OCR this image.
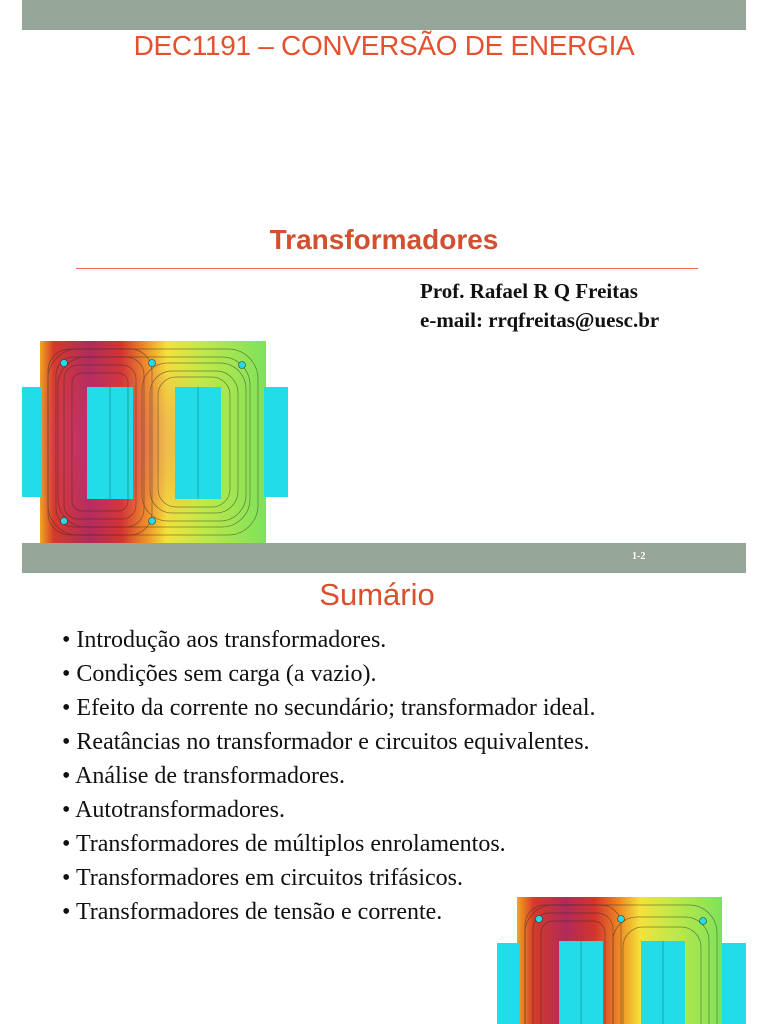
DEC1191 – CONVERSÃO DE ENERGIA
Transformadores
Prof. Rafael R Q Freitas
e-mail: rrqfreitas@uesc.br
1-2
Sumário
• Introdução aos transformadores.
• Condições sem carga (a vazio).
• Efeito da corrente no secundário; transformador ideal.
• Reatâncias no transformador e circuitos equivalentes.
• Análise de transformadores.
• Autotransformadores.
• Transformadores de múltiplos enrolamentos.
• Transformadores em circuitos trifásicos.
• Transformadores de tensão e corrente.
